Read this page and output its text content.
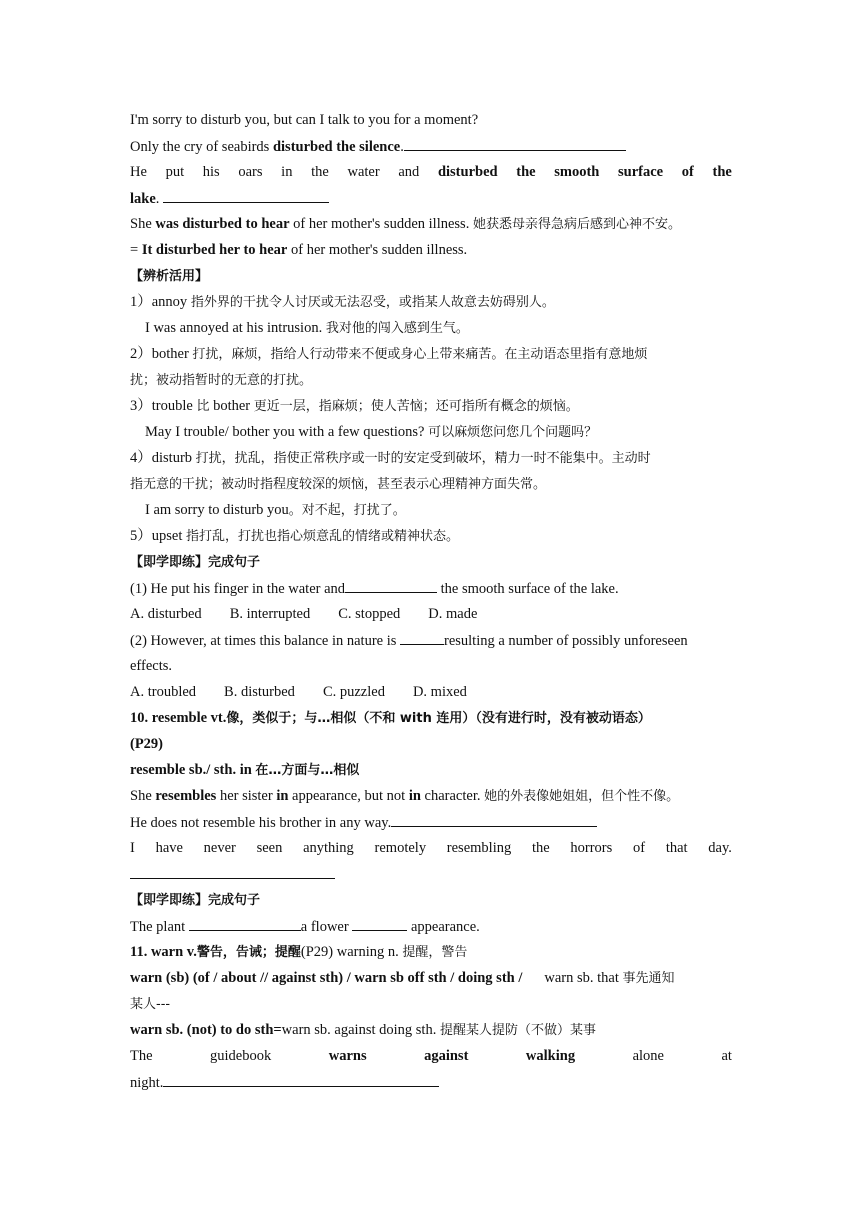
I'm sorry to disturb you, but can I talk to you for a moment?
Only the cry of seabirds disturbed the silence.
He put his oars in the water and disturbed the smooth surface of the
lake.
She was disturbed to hear of her mother's sudden illness. 她获悉母亲得急病后感到心神不安。
= It disturbed her to hear of her mother's sudden illness.
【辨析活用】
1）annoy 指外界的干扰令人讨厌或无法忍受，或指某人故意去妨碍别人。
I was annoyed at his intrusion. 我对他的闯入感到生气。
2）bother 打扰，麻烦，指给人行动带来不便或身心上带来痛苦。在主动语态里指有意地烦
扰；被动指暂时的无意的打扰。
3）trouble 比 bother 更近一层，指麻烦；使人苦恼；还可指所有概念的烦恼。
May I trouble/ bother you with a few questions? 可以麻烦您问您几个问题吗？
4）disturb 打扰，扰乱，指使正常秩序或一时的安定受到破坏，精力一时不能集中。主动时
指无意的干扰；被动时指程度较深的烦恼，甚至表示心理精神方面失常。
I am sorry to disturb you。对不起，打扰了。
5）upset 指打乱，打扰也指心烦意乱的情绪或精神状态。
【即学即练】完成句子
(1) He put his finger in the water and	the smooth surface of the lake.
A. disturbed B. interrupted C. stopped D. made
(2) However, at times this balance in nature is	resulting a number of possibly unforeseen
effects.
A. troubled B. disturbed C. puzzled D. mixed
10. resemble vt.像，类似于；与…相似（不和 with 连用）（没有进行时，没有被动语态）
(P29)
resemble sb./ sth. in 在…方面与…相似
She resembles her sister in appearance, but not in character. 她的外表像她姐姐，但个性不像。
He does not resemble his brother in any way.
I have never seen anything remotely resembling the horrors of that day.
【即学即练】完成句子
The plant	a flower	appearance.
11. warn v.警告，告诫；提醒(P29) warning n. 提醒，警告
warn (sb) (of / about // against sth) / warn sb off sth / doing sth / warn sb. that 事先通知
某人---
warn sb. (not) to do sth=warn sb. against doing sth. 提醒某人提防（不做）某事
The	guidebook	warns	against	walking	alone	at
night.
